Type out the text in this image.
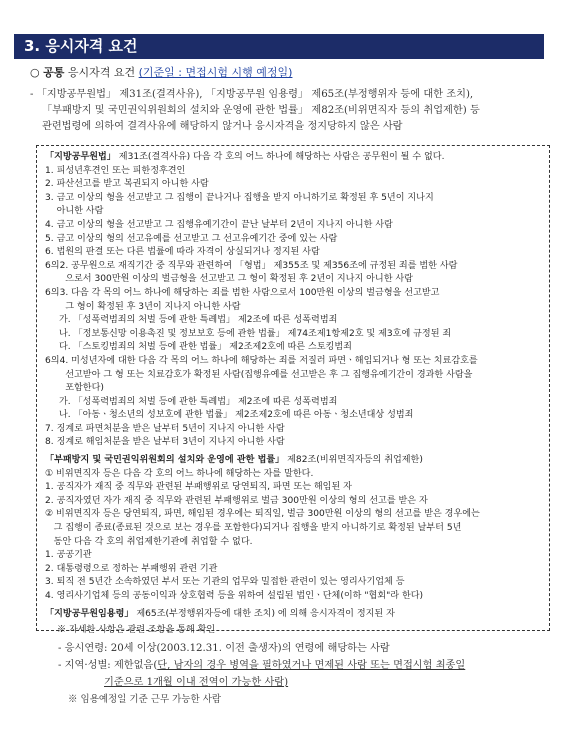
3. 응시자격 요건
○ 공통 응시자격 요건 (기준일 : 면접시험 시행 예정일)
- 「지방공무원법」 제31조(결격사유), 「지방공무원 임용령」 제65조(부정행위자 등에 대한 조치),
「부패방지 및 국민권익위원회의 설치와 운영에 관한 법률」 제82조(비위면직자 등의 취업제한) 등
관련법령에 의하여 결격사유에 해당하지 않거나 응시자격을 정지당하지 않은 사람
「지방공무원법」 제31조(결격사유) 다음 각 호의 어느 하나에 해당하는 사람은 공무원이 될 수 없다.
1. 피성년후견인 또는 피한정후견인
2. 파산선고를 받고 복권되지 아니한 사람
3. 금고 이상의 형을 선고받고 그 집행이 끝나거나 집행을 받지 아니하기로 확정된 후 5년이 지나지
아니한 사람
4. 금고 이상의 형을 선고받고 그 집행유예기간이 끝난 날부터 2년이 지나지 아니한 사람
5. 금고 이상의 형의 선고유예를 선고받고 그 선고유예기간 중에 있는 사람
6. 법원의 판결 또는 다른 법률에 따라 자격이 상실되거나 정지된 사람
6의2. 공무원으로 재직기간 중 직무와 관련하여 「형법」 제355조 및 제356조에 규정된 죄를 범한 사람
으로서 300만원 이상의 벌금형을 선고받고 그 형이 확정된 후 2년이 지나지 아니한 사람
6의3. 다음 각 목의 어느 하나에 해당하는 죄를 범한 사람으로서 100만원 이상의 벌금형을 선고받고
그 형이 확정된 후 3년이 지나지 아니한 사람
가. 「성폭력범죄의 처벌 등에 관한 특례법」 제2조에 따른 성폭력범죄
나. 「정보통신망 이용촉진 및 정보보호 등에 관한 법률」 제74조제1항제2호 및 제3호에 규정된 죄
다. 「스토킹범죄의 처벌 등에 관한 법률」 제2조제2호에 따른 스토킹범죄
6의4. 미성년자에 대한 다음 각 목의 어느 하나에 해당하는 죄를 저질러 파면ㆍ해임되거나 형 또는 치료감호를
선고받아 그 형 또는 치료감호가 확정된 사람(집행유예를 선고받은 후 그 집행유예기간이 경과한 사람을
포함한다)
가. 「성폭력범죄의 처벌 등에 관한 특례법」 제2조에 따른 성폭력범죄
나. 「아동ㆍ청소년의 성보호에 관한 법률」 제2조제2호에 따른 아동ㆍ청소년대상 성범죄
7. 징계로 파면처분을 받은 날부터 5년이 지나지 아니한 사람
8. 징계로 해임처분을 받은 날부터 3년이 지나지 아니한 사람
「부패방지 및 국민권익위원회의 설치와 운영에 관한 법률」 제82조(비위면직자등의 취업제한)
① 비위면직자 등은 다음 각 호의 어느 하나에 해당하는 자를 말한다.
1. 공직자가 재직 중 직무와 관련된 부패행위로 당연퇴직, 파면 또는 해임된 자
2. 공직자였던 자가 재직 중 직무와 관련된 부패행위로 벌금 300만원 이상의 형의 선고를 받은 자
② 비위면직자 등은 당연퇴직, 파면, 해임된 경우에는 퇴직일, 벌금 300만원 이상의 형의 선고를 받은 경우에는
그 집행이 종료(종료된 것으로 보는 경우를 포함한다)되거나 집행을 받지 아니하기로 확정된 날부터 5년
동안 다음 각 호의 취업제한기관에 취업할 수 없다.
1. 공공기관
2. 대통령령으로 정하는 부패행위 관련 기관
3. 퇴직 전 5년간 소속하였던 부서 또는 기관의 업무와 밀접한 관련이 있는 영리사기업체 등
4. 영리사기업체 등의 공동이익과 상호협력 등을 위하여 설립된 법인ㆍ단체(이하 "협회"라 한다)
「지방공무원임용령」 제65조(부정행위자등에 대한 조치) 에 의해 응시자격이 정지된 자
※ 자세한 사항은 관련 조항을 통해 확인
- 응시연령: 20세 이상(2003.12.31. 이전 출생자)의 연령에 해당하는 사람
- 지역·성별: 제한없음(단, 남자의 경우 병역을 필하였거나 면제된 사람 또는 면접시험 최종일
기준으로 1개월 이내 전역이 가능한 사람)
※ 임용예정일 기준 근무 가능한 사람
